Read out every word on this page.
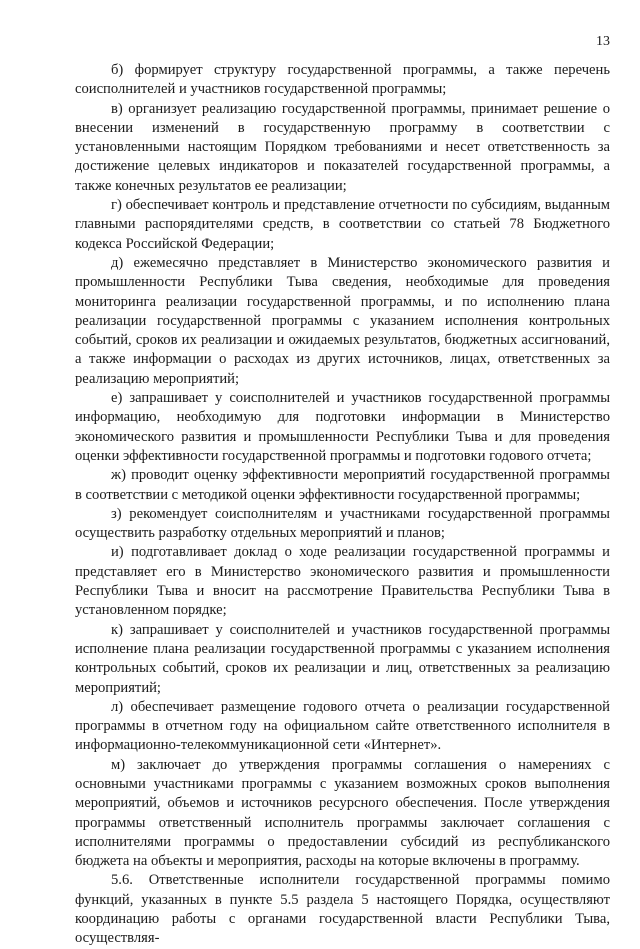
13

б) формирует структуру государственной программы, а также перечень соисполнителей и участников государственной программы;

в) организует реализацию государственной программы, принимает решение о внесении изменений в государственную программу в соответствии с установленными настоящим Порядком требованиями и несет ответственность за достижение целевых индикаторов и показателей государственной программы, а также конечных результатов ее реализации;

г) обеспечивает контроль и представление отчетности по субсидиям, выданным главными распорядителями средств, в соответствии со статьей 78 Бюджетного кодекса Российской Федерации;

д) ежемесячно представляет в Министерство экономического развития и промышленности Республики Тыва сведения, необходимые для проведения мониторинга реализации государственной программы, и по исполнению плана реализации государственной программы с указанием исполнения контрольных событий, сроков их реализации и ожидаемых результатов, бюджетных ассигнований, а также информации о расходах из других источников, лицах, ответственных за реализацию мероприятий;

е) запрашивает у соисполнителей и участников государственной программы информацию, необходимую для подготовки информации в Министерство экономического развития и промышленности Республики Тыва и для проведения оценки эффективности государственной программы и подготовки годового отчета;

ж) проводит оценку эффективности мероприятий государственной программы в соответствии с методикой оценки эффективности государственной программы;

з) рекомендует соисполнителям и участниками государственной программы осуществить разработку отдельных мероприятий и планов;

и) подготавливает доклад о ходе реализации государственной программы и представляет его в Министерство экономического развития и промышленности Республики Тыва и вносит на рассмотрение Правительства Республики Тыва в установленном порядке;

к) запрашивает у соисполнителей и участников государственной программы исполнение плана реализации государственной программы с указанием исполнения контрольных событий, сроков их реализации и лиц, ответственных за реализацию мероприятий;

л) обеспечивает размещение годового отчета о реализации государственной программы в отчетном году на официальном сайте ответственного исполнителя в информационно-телекоммуникационной сети «Интернет».

м) заключает до утверждения программы соглашения о намерениях с основными участниками программы с указанием возможных сроков выполнения мероприятий, объемов и источников ресурсного обеспечения. После утверждения программы ответственный исполнитель программы заключает соглашения с исполнителями программы о предоставлении субсидий из республиканского бюджета на объекты и мероприятия, расходы на которые включены в программу.

5.6. Ответственные исполнители государственной программы помимо функций, указанных в пункте 5.5 раздела 5 настоящего Порядка, осуществляют координацию работы с органами государственной власти Республики Тыва, осуществляя-
